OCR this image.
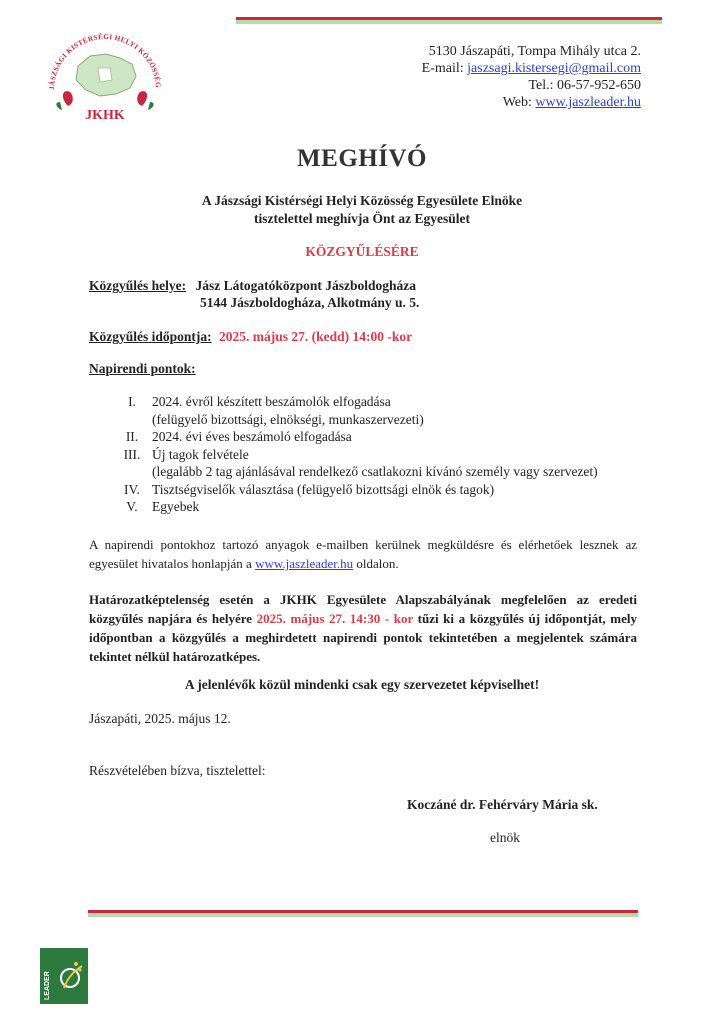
JÁSZSÁGI KISTÉRSÉGI HELYI KÖZÖSSÉG
JKHK
5130 Jászapáti, Tompa Mihály utca 2.
E-mail: jaszsagi.kistersegi@gmail.com
Tel.: 06-57-952-650
Web: www.jaszleader.hu
MEGHÍVÓ
A Jászsági Kistérségi Helyi Közösség Egyesülete Elnöke
tisztelettel meghívja Önt az Egyesület
KÖZGYŰLÉSÉRE
Közgyűlés helye: Jász Látogatóközpont Jászboldogháza
5144 Jászboldogháza, Alkotmány u. 5.
Közgyűlés időpontja: 2025. május 27. (kedd) 14:00 -kor
Napirendi pontok:
I.	2024. évről készített beszámolók elfogadása
(felügyelő bizottsági, elnökségi, munkaszervezeti)
II.	2024. évi éves beszámoló elfogadása
III. Új tagok felvétele
(legalább 2 tag ajánlásával rendelkező csatlakozni kívánó személy vagy szervezet)
IV. Tisztségviselők választása (felügyelő bizottsági elnök és tagok)
V.	Egyebek
A napirendi pontokhoz tartozó anyagok e-mailben kerülnek megküldésre és elérhetőek lesznek az egyesület hivatalos honlapján a www.jaszleader.hu oldalon.
Határozatképtelenség esetén a JKHK Egyesülete Alapszabályának megfelelően az eredeti közgyűlés napjára és helyére 2025. május 27. 14:30 - kor tűzi ki a közgyűlés új időpontját, mely időpontban a közgyűlés a meghirdetett napirendi pontok tekintetében a megjelentek számára tekintet nélkül határozatképes.
A jelenlévők közül mindenki csak egy szervezetet képviselhet!
Jászapáti, 2025. május 12.
Részvételében bízva, tisztelettel:
Koczáné dr. Fehérváry Mária sk.
elnök
LEADER
